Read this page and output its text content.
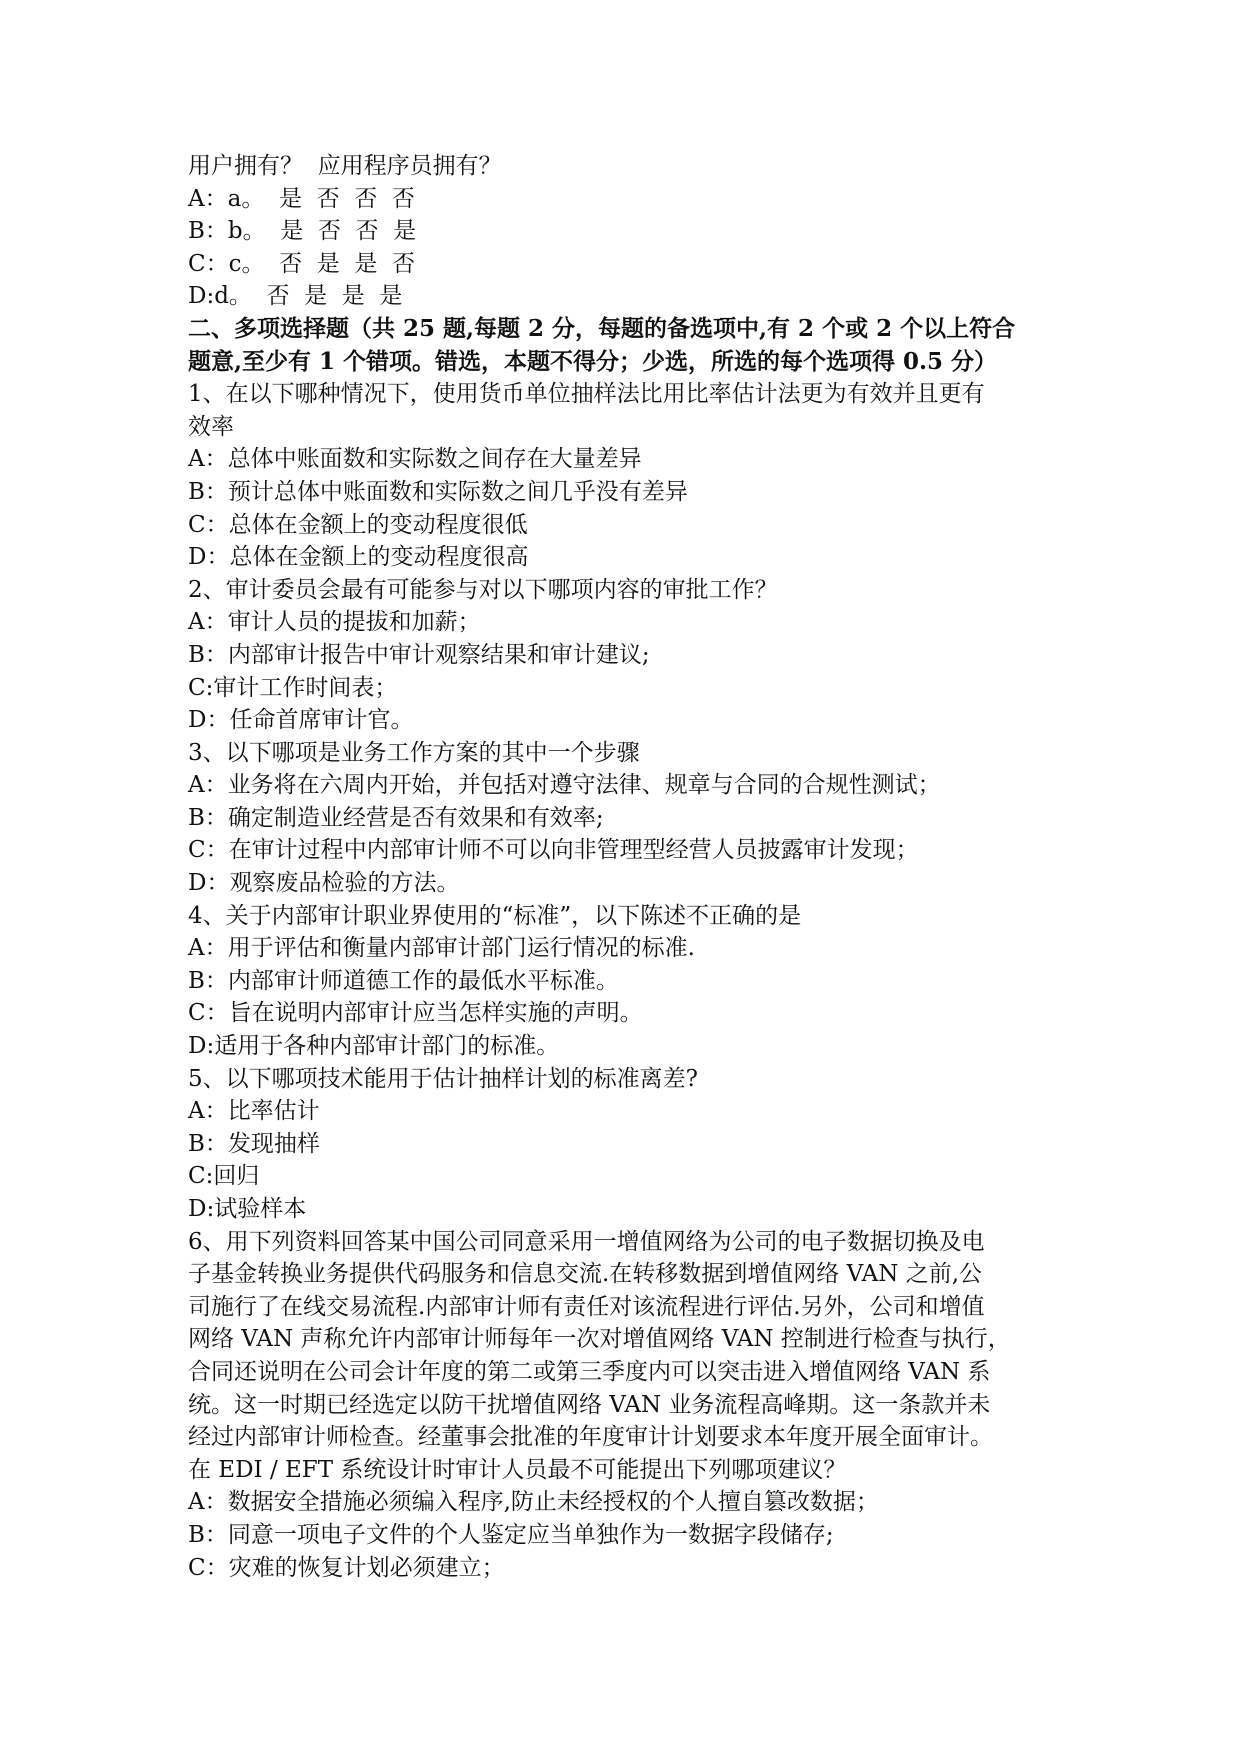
用户拥有？  应用程序员拥有？
A：a。  是  否  否  否
B：b。  是  否  否  是
C：c。  否  是  是  否
D:d。  否  是  是  是
二、多项选择题（共 25 题,每题 2 分，每题的备选项中,有 2 个或 2 个以上符合
题意,至少有 1 个错项。错选，本题不得分；少选，所选的每个选项得 0.5 分）
1、在以下哪种情况下，使用货币单位抽样法比用比率估计法更为有效并且更有
效率
A：总体中账面数和实际数之间存在大量差异
B：预计总体中账面数和实际数之间几乎没有差异
C：总体在金额上的变动程度很低
D：总体在金额上的变动程度很高
2、审计委员会最有可能参与对以下哪项内容的审批工作？
A：审计人员的提拔和加薪；
B：内部审计报告中审计观察结果和审计建议;
C:审计工作时间表；
D：任命首席审计官。
3、以下哪项是业务工作方案的其中一个步骤
A：业务将在六周内开始，并包括对遵守法律、规章与合同的合规性测试；
B：确定制造业经营是否有效果和有效率;
C：在审计过程中内部审计师不可以向非管理型经营人员披露审计发现；
D：观察废品检验的方法。
4、关于内部审计职业界使用的“标准”，以下陈述不正确的是
A：用于评估和衡量内部审计部门运行情况的标准.
B：内部审计师道德工作的最低水平标准。
C：旨在说明内部审计应当怎样实施的声明。
D:适用于各种内部审计部门的标准。
5、以下哪项技术能用于估计抽样计划的标准离差?
A：比率估计
B：发现抽样
C:回归
D:试验样本
6、用下列资料回答某中国公司同意采用一增值网络为公司的电子数据切换及电
子基金转换业务提供代码服务和信息交流.在转移数据到增值网络 VAN 之前,公
司施行了在线交易流程.内部审计师有责任对该流程进行评估.另外，公司和增值
网络 VAN 声称允许内部审计师每年一次对增值网络 VAN 控制进行检查与执行，
合同还说明在公司会计年度的第二或第三季度内可以突击进入增值网络 VAN 系
统。这一时期已经选定以防干扰增值网络 VAN 业务流程高峰期。这一条款并未
经过内部审计师检查。经董事会批准的年度审计计划要求本年度开展全面审计。
在 EDI / EFT 系统设计时审计人员最不可能提出下列哪项建议？
A：数据安全措施必须编入程序,防止未经授权的个人擅自篡改数据；
B：同意一项电子文件的个人鉴定应当单独作为一数据字段储存;
C：灾难的恢复计划必须建立；
